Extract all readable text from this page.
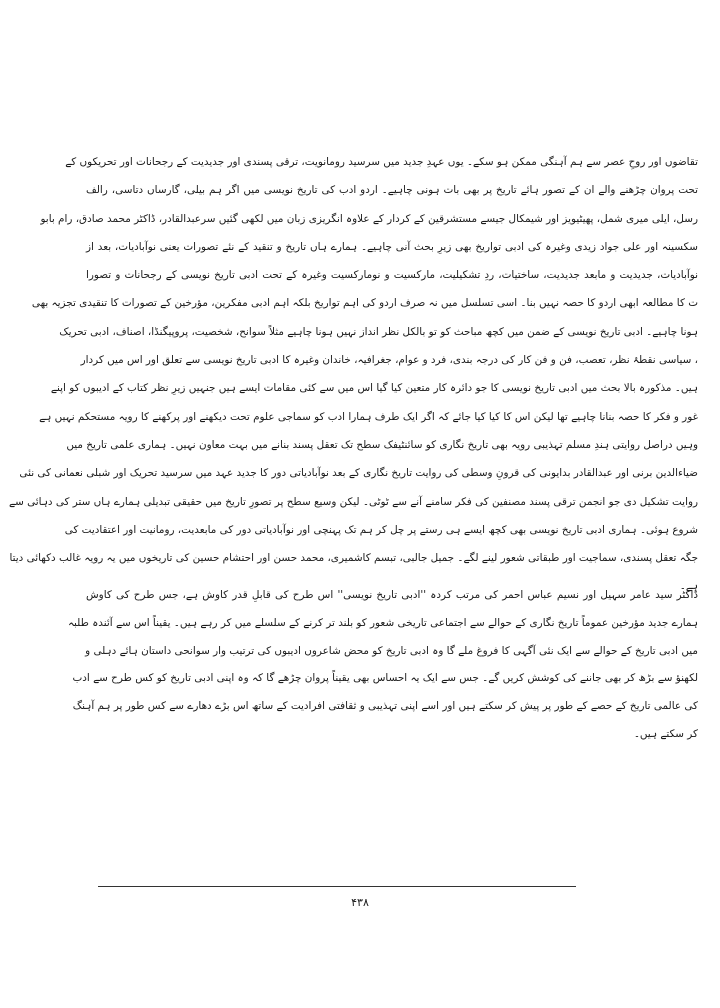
تقاضوں اور روحِ عصر سے ہم آہنگی ممکن ہو سکے۔ یوں عہدِ جدید میں سرسید رومانویت، ترقی پسندی اور جدیدیت کے رجحانات اور تحریکوں کے
تحت پروان چڑھنے والے ان کے تصور ہائے تاریخ پر بھی بات ہونی چاہیے۔ اردو ادب کی تاریخ نویسی میں اگر ہم بیلی، گارساں دتاسی، رالف
رسل، ایلی میری شمل، پھیٹیویز اور شیمکال جیسے مستشرقین کے کردار کے علاوہ انگریزی زبان میں لکھی گئیں سرعبدالقادر، ڈاکٹر محمد صادق، رام بابو
سکسینہ اور علی جواد زیدی وغیرہ کی ادبی تواریخ بھی زیرِ بحث آنی چاہیے۔ ہمارے ہاں تاریخ و تنقید کے نئے تصورات یعنی نوآبادیات، بعد از
نوآبادیات، جدیدیت و مابعد جدیدیت، ساختیات، ردِ تشکیلیت، مارکسیت و نومارکسیت وغیرہ کے تحت ادبی تاریخ نویسی کے رجحانات و تصورا
ت کا مطالعہ ابھی اردو کا حصہ نہیں بنا۔ اسی تسلسل میں نہ صرف اردو کی اہم تواریخ بلکہ اہم ادبی مفکرین، مؤرخین کے تصورات کا تنقیدی تجزیہ بھی
ہونا چاہیے۔ ادبی تاریخ نویسی کے ضمن میں کچھ مباحث کو تو بالکل نظر انداز نہیں ہونا چاہیے مثلاً سوانح، شخصیت، پروپیگنڈا، اصناف، ادبی تحریک
، سیاسی نقطۂ نظر، تعصب، فن و فن کار کی درجہ بندی، فرد و عوام، جغرافیہ، خاندان وغیرہ کا ادبی تاریخ نویسی سے تعلق اور اس میں کردار
ہیں۔ مذکورہ بالا بحث میں ادبی تاریخ نویسی کا جو دائرہ کار متعین کیا گیا اس میں سے کئی مقامات ایسے ہیں جنہیں زیرِ نظر کتاب کے ادیبوں کو اپنے
غور و فکر کا حصہ بنانا چاہیے تھا لیکن اس کا کیا کیا جائے کہ اگر ایک طرف ہمارا ادب کو سماجی علوم تحت دیکھنے اور پرکھنے کا رویہ مستحکم نہیں ہے
وہیں دراصل روایتی ہندِ مسلم تہذیبی رویہ بھی تاریخ نگاری کو سائنٹیفک سطح تک تعقل پسند بنانے میں بہت معاون نہیں۔ ہماری علمی تاریخ میں
ضیاءالدین برنی اور عبدالقادر بدایونی کی قرونِ وسطی کی روایت تاریخ نگاری کے بعد نوآبادیاتی دور کا جدید عہد میں سرسید تحریک اور شبلی نعمانی کی نئی
روایت تشکیل دی جو انجمن ترقی پسند مصنفین کی فکر سامنے آنے سے ٹوٹی۔ لیکن وسیع سطح پر تصورِ تاریخ میں حقیقی تبدیلی ہمارے ہاں ستر کی دہائی سے
شروع ہوئی۔ ہماری ادبی تاریخ نویسی بھی کچھ ایسے ہی رستے پر چل کر ہم تک پہنچی اور نوآبادیاتی دور کی مابعدیت، رومانیت اور اعتقادیت کی
جگہ تعقل پسندی، سماجیت اور طبقاتی شعور لینے لگے۔ جمیل جالبی، تبسم کاشمیری، محمد حسن اور احتشام حسین کی تاریخوں میں یہ رویہ غالب دکھائی دیتا
ہے۔
ڈاکٹر سید عامر سہیل اور نسیم عباس احمر کی مرتب کردہ ''ادبی تاریخ نویسی'' اس طرح کی قابلِ قدر کاوش ہے، جس طرح کی کاوش
ہمارے جدید مؤرخین عموماً تاریخ نگاری کے حوالے سے اجتماعی تاریخی شعور کو بلند تر کرنے کے سلسلے میں کر رہے ہیں۔ یقیناً اس سے آئندہ طلبہ
میں ادبی تاریخ کے حوالے سے ایک نئی آگہی کا فروغ ملے گا وہ ادبی تاریخ کو محض شاعروں ادیبوں کی ترتیب وار سوانحی داستان ہائے دہلی و
لکھنؤ سے بڑھ کر بھی جاننے کی کوشش کریں گے۔ جس سے ایک یہ احساس بھی یقیناً پروان چڑھے گا کہ وہ اپنی ادبی تاریخ کو کس طرح سے ادب
کی عالمی تاریخ کے حصے کے طور پر پیش کر سکتے ہیں اور اسے اپنی تہذیبی و ثقافتی افرادیت کے ساتھ اس بڑے دھارے سے کس طور پر ہم آہنگ
کر سکتے ہیں۔
۴۳۸
